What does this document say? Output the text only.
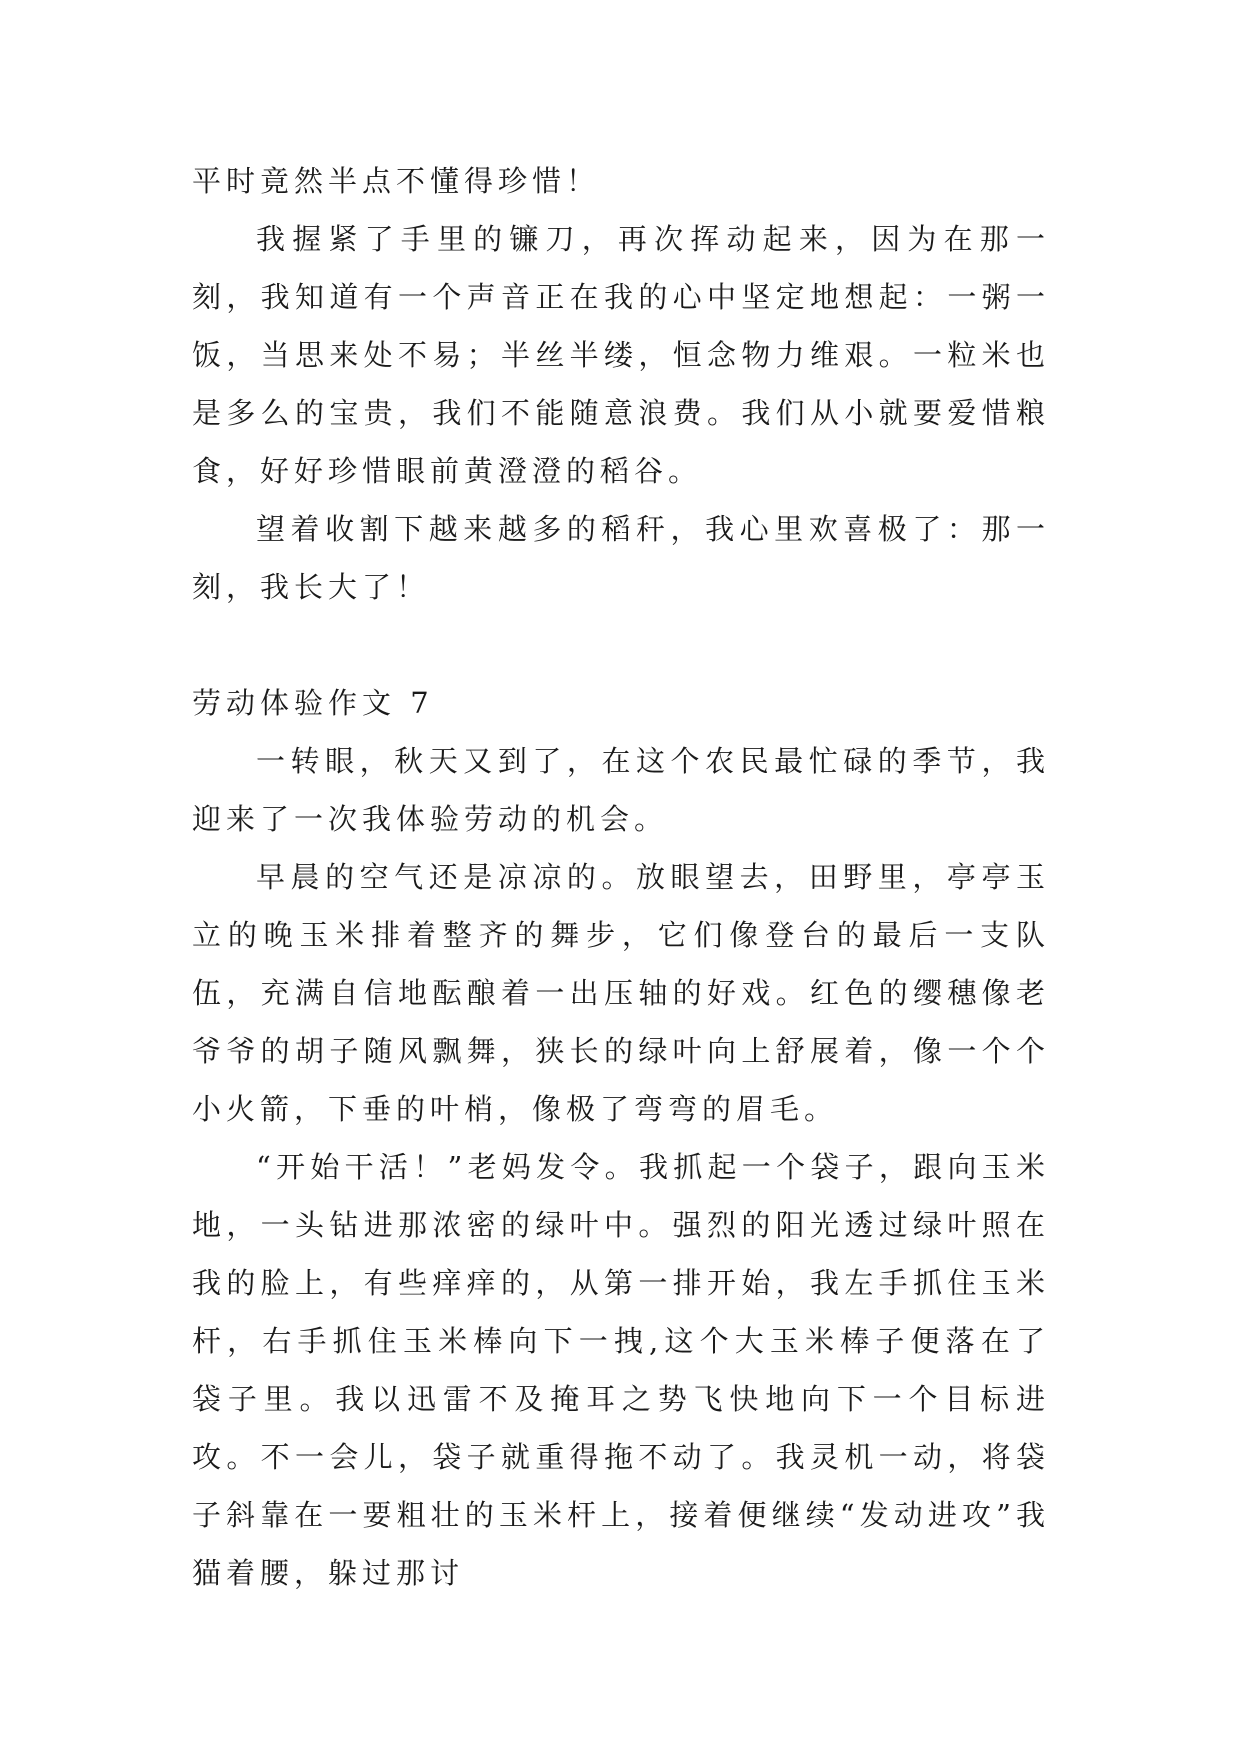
平时竟然半点不懂得珍惜！

我握紧了手里的镰刀，再次挥动起来，因为在那一刻，我知道有一个声音正在我的心中坚定地想起：一粥一饭，当思来处不易；半丝半缕，恒念物力维艰。一粒米也是多么的宝贵，我们不能随意浪费。我们从小就要爱惜粮食，好好珍惜眼前黄澄澄的稻谷。

望着收割下越来越多的稻秆，我心里欢喜极了：那一刻，我长大了！

劳动体验作文 7

一转眼，秋天又到了，在这个农民最忙碌的季节，我迎来了一次我体验劳动的机会。

早晨的空气还是凉凉的。放眼望去，田野里，亭亭玉立的晚玉米排着整齐的舞步，它们像登台的最后一支队伍，充满自信地酝酿着一出压轴的好戏。红色的缨穗像老爷爷的胡子随风飘舞，狭长的绿叶向上舒展着，像一个个小火箭，下垂的叶梢，像极了弯弯的眉毛。

“开始干活！”老妈发令。我抓起一个袋子，跟向玉米地，一头钻进那浓密的绿叶中。强烈的阳光透过绿叶照在我的脸上，有些痒痒的，从第一排开始，我左手抓住玉米杆，右手抓住玉米棒向下一拽,这个大玉米棒子便落在了袋子里。我以迅雷不及掩耳之势飞快地向下一个目标进攻。不一会儿，袋子就重得拖不动了。我灵机一动，将袋子斜靠在一要粗壮的玉米杆上，接着便继续“发动进攻”我猫着腰，躲过那讨
